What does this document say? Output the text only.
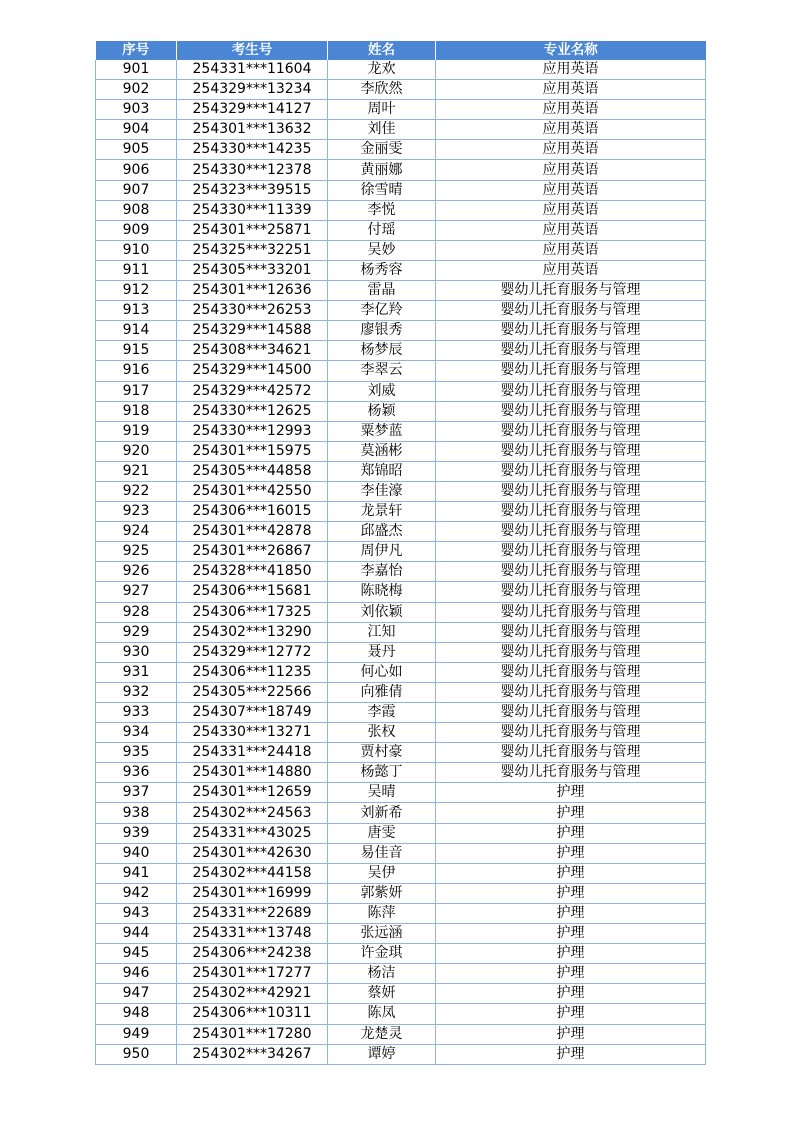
序号	考生号	姓名	专业名称
901	254331***11604	龙欢	应用英语
902	254329***13234	李欣然	应用英语
903	254329***14127	周叶	应用英语
904	254301***13632	刘佳	应用英语
905	254330***14235	金丽雯	应用英语
906	254330***12378	黄丽娜	应用英语
907	254323***39515	徐雪晴	应用英语
908	254330***11339	李悦	应用英语
909	254301***25871	付瑶	应用英语
910	254325***32251	吴妙	应用英语
911	254305***33201	杨秀容	应用英语
912	254301***12636	雷晶	婴幼儿托育服务与管理
913	254330***26253	李亿羚	婴幼儿托育服务与管理
914	254329***14588	廖银秀	婴幼儿托育服务与管理
915	254308***34621	杨梦辰	婴幼儿托育服务与管理
916	254329***14500	李翠云	婴幼儿托育服务与管理
917	254329***42572	刘威	婴幼儿托育服务与管理
918	254330***12625	杨颖	婴幼儿托育服务与管理
919	254330***12993	粟梦蓝	婴幼儿托育服务与管理
920	254301***15975	莫涵彬	婴幼儿托育服务与管理
921	254305***44858	郑锦昭	婴幼儿托育服务与管理
922	254301***42550	李佳濠	婴幼儿托育服务与管理
923	254306***16015	龙景轩	婴幼儿托育服务与管理
924	254301***42878	邱盛杰	婴幼儿托育服务与管理
925	254301***26867	周伊凡	婴幼儿托育服务与管理
926	254328***41850	李嘉怡	婴幼儿托育服务与管理
927	254306***15681	陈晓梅	婴幼儿托育服务与管理
928	254306***17325	刘依颖	婴幼儿托育服务与管理
929	254302***13290	江知	婴幼儿托育服务与管理
930	254329***12772	聂丹	婴幼儿托育服务与管理
931	254306***11235	何心如	婴幼儿托育服务与管理
932	254305***22566	向雅倩	婴幼儿托育服务与管理
933	254307***18749	李霞	婴幼儿托育服务与管理
934	254330***13271	张权	婴幼儿托育服务与管理
935	254331***24418	贾村豪	婴幼儿托育服务与管理
936	254301***14880	杨懿丁	婴幼儿托育服务与管理
937	254301***12659	吴晴	护理
938	254302***24563	刘新希	护理
939	254331***43025	唐雯	护理
940	254301***42630	易佳音	护理
941	254302***44158	吴伊	护理
942	254301***16999	郭紫妍	护理
943	254331***22689	陈萍	护理
944	254331***13748	张远涵	护理
945	254306***24238	许金琪	护理
946	254301***17277	杨洁	护理
947	254302***42921	蔡妍	护理
948	254306***10311	陈凤	护理
949	254301***17280	龙楚灵	护理
950	254302***34267	谭婷	护理
